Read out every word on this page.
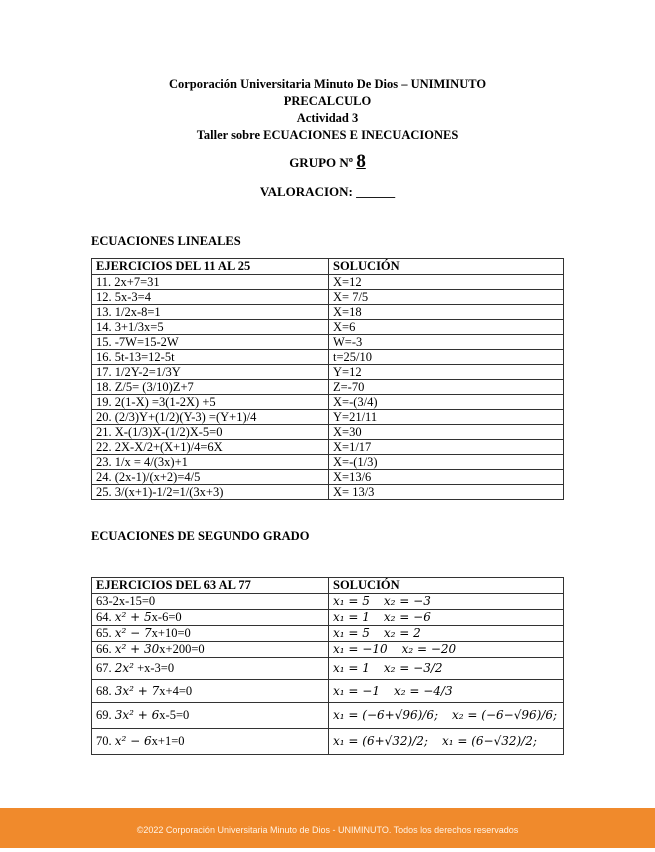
Corporación Universitaria Minuto De Dios – UNIMINUTO
PRECALCULO
Actividad 3
Taller sobre ECUACIONES E INECUACIONES
GRUPO Nº 8
VALORACION: ______
ECUACIONES LINEALES
EJERCICIOS DEL 11 AL 25	SOLUCIÓN
11. 2x+7=31	X=12
12. 5x-3=4	X= 7/5
13. 1/2x-8=1	X=18
14. 3+1/3x=5	X=6
15. -7W=15-2W	W=-3
16. 5t-13=12-5t	t=25/10
17. 1/2Y-2=1/3Y	Y=12
18. Z/5= (3/10)Z+7	Z=-70
19. 2(1-X) =3(1-2X) +5	X=-(3/4)
20. (2/3)Y+(1/2)(Y-3) =(Y+1)/4	Y=21/11
21. X-(1/3)X-(1/2)X-5=0	X=30
22. 2X-X/2+(X+1)/4=6X	X=1/17
23. 1/x = 4/(3x)+1	X=-(1/3)
24. (2x-1)/(x+2)=4/5	X=13/6
25. 3/(x+1)-1/2=1/(3x+3)	X= 13/3
ECUACIONES DE SEGUNDO GRADO
EJERCICIOS DEL 63 AL 77	SOLUCIÓN
63-2x-15=0	𝑥₁ = 5 𝑥₂ = −3
64. 𝑥² + 5x-6=0	𝑥₁ = 1 𝑥₂ = −6
65. 𝑥² − 7x+10=0	𝑥₁ = 5 𝑥₂ = 2
66. 𝑥² + 30x+200=0	𝑥₁ = −10 𝑥₂ = −20
67. 2𝑥² +x-3=0	𝑥₁ = 1 𝑥₂ = −3/2
68. 3𝑥² + 7x+4=0	𝑥₁ = −1 𝑥₂ = −4/3
69. 3𝑥² + 6x-5=0	𝑥₁ = (−6+√96)/6; 𝑥₂ = (−6−√96)/6;
70. 𝑥² − 6x+1=0	𝑥₁ = (6+√32)/2; 𝑥₁ = (6−√32)/2;
©2022 Corporación Universitaria Minuto de Dios - UNIMINUTO. Todos los derechos reservados
